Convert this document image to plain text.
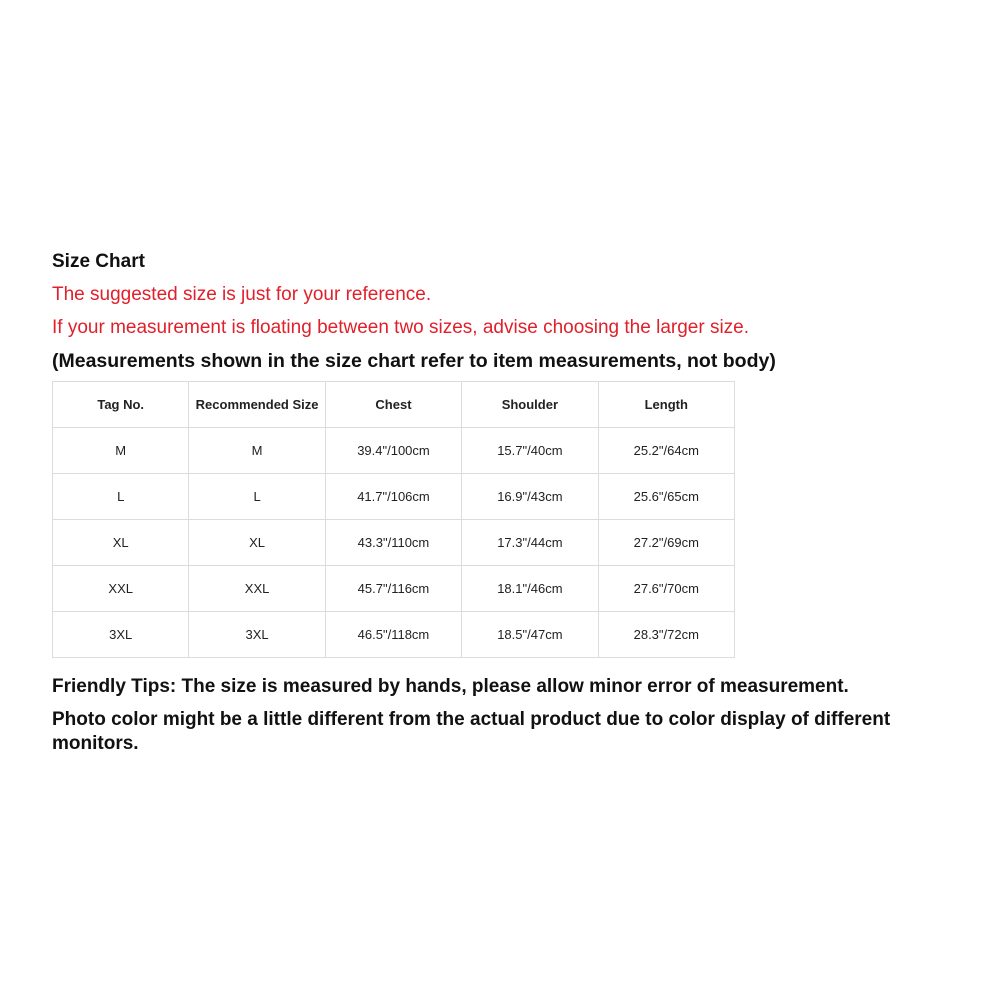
Size Chart
The suggested size is just for your reference.
If your measurement is floating between two sizes, advise choosing the larger size.
(Measurements shown in the size chart refer to item measurements, not body)
Tag No.	Recommended Size	Chest	Shoulder	Length
M	M	39.4"/100cm	15.7"/40cm	25.2"/64cm
L	L	41.7"/106cm	16.9"/43cm	25.6"/65cm
XL	XL	43.3"/110cm	17.3"/44cm	27.2"/69cm
XXL	XXL	45.7"/116cm	18.1"/46cm	27.6"/70cm
3XL	3XL	46.5"/118cm	18.5"/47cm	28.3"/72cm

Friendly Tips: The size is measured by hands, please allow minor error of measurement.

Photo color might be a little different from the actual product due to color display of different monitors.
